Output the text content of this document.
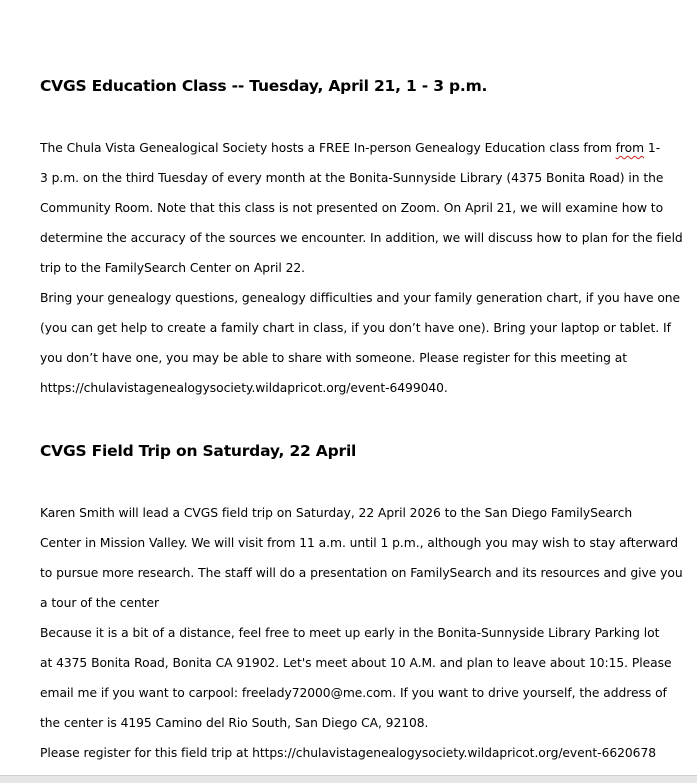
CVGS Education Class -- Tuesday, April 21, 1 - 3 p.m.
The Chula Vista Genealogical Society hosts a FREE In-person Genealogy Education class from from 1-
3 p.m. on the third Tuesday of every month at the Bonita-Sunnyside Library (4375 Bonita Road) in the
Community Room. Note that this class is not presented on Zoom. On April 21, we will examine how to
determine the accuracy of the sources we encounter. In addition, we will discuss how to plan for the field
trip to the FamilySearch Center on April 22.
Bring your genealogy questions, genealogy difficulties and your family generation chart, if you have one
(you can get help to create a family chart in class, if you don’t have one). Bring your laptop or tablet. If
you don’t have one, you may be able to share with someone. Please register for this meeting at
https://chulavistagenealogysociety.wildapricot.org/event-6499040.
CVGS Field Trip on Saturday, 22 April
Karen Smith will lead a CVGS field trip on Saturday, 22 April 2026 to the San Diego FamilySearch
Center in Mission Valley. We will visit from 11 a.m. until 1 p.m., although you may wish to stay afterward
to pursue more research. The staff will do a presentation on FamilySearch and its resources and give you
a tour of the center
Because it is a bit of a distance, feel free to meet up early in the Bonita-Sunnyside Library Parking lot
at 4375 Bonita Road, Bonita CA 91902. Let's meet about 10 A.M. and plan to leave about 10:15. Please
email me if you want to carpool: freelady72000@me.com. If you want to drive yourself, the address of
the center is 4195 Camino del Rio South, San Diego CA, 92108.
Please register for this field trip at https://chulavistagenealogysociety.wildapricot.org/event-6620678
